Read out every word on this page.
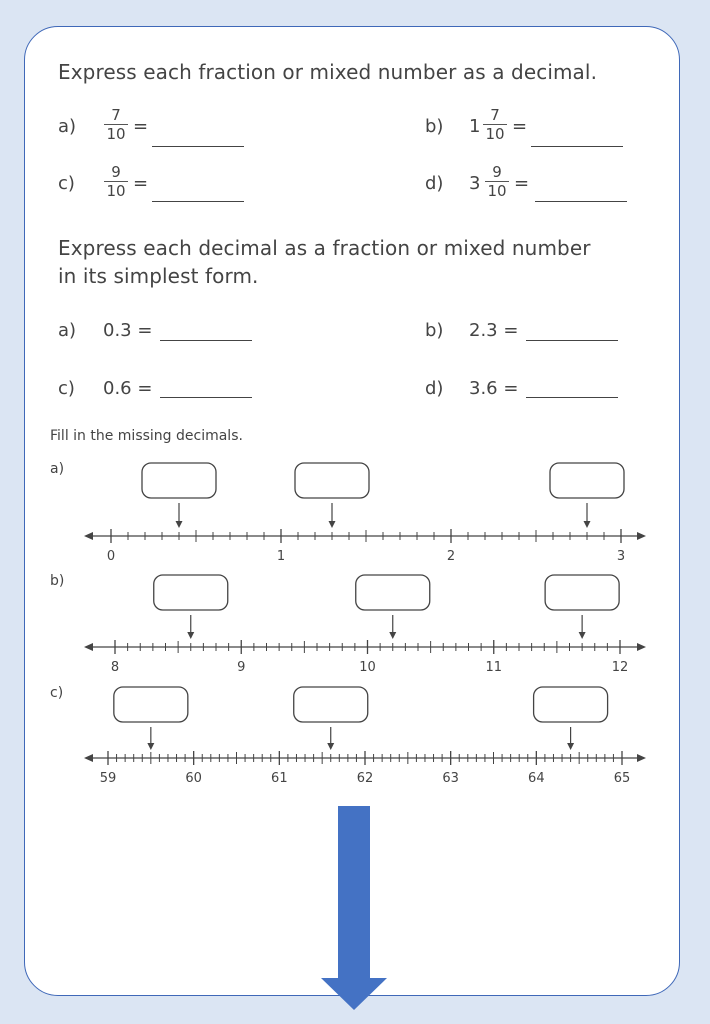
Express each fraction or mixed number as a decimal.
a)
7
10 =	b) 1
7
10 =
c)
9
10 =	d) 3
9
10 =
Express each decimal as a fraction or mixed number
in its simplest form.
a) 0.3 =	b) 2.3 =
c) 0.6 =	d) 3.6 =
Fill in the missing decimals.
a)
b)
c)
0	1	2	3
8	9	10	11	12
59	60	61	62	63	64	65
